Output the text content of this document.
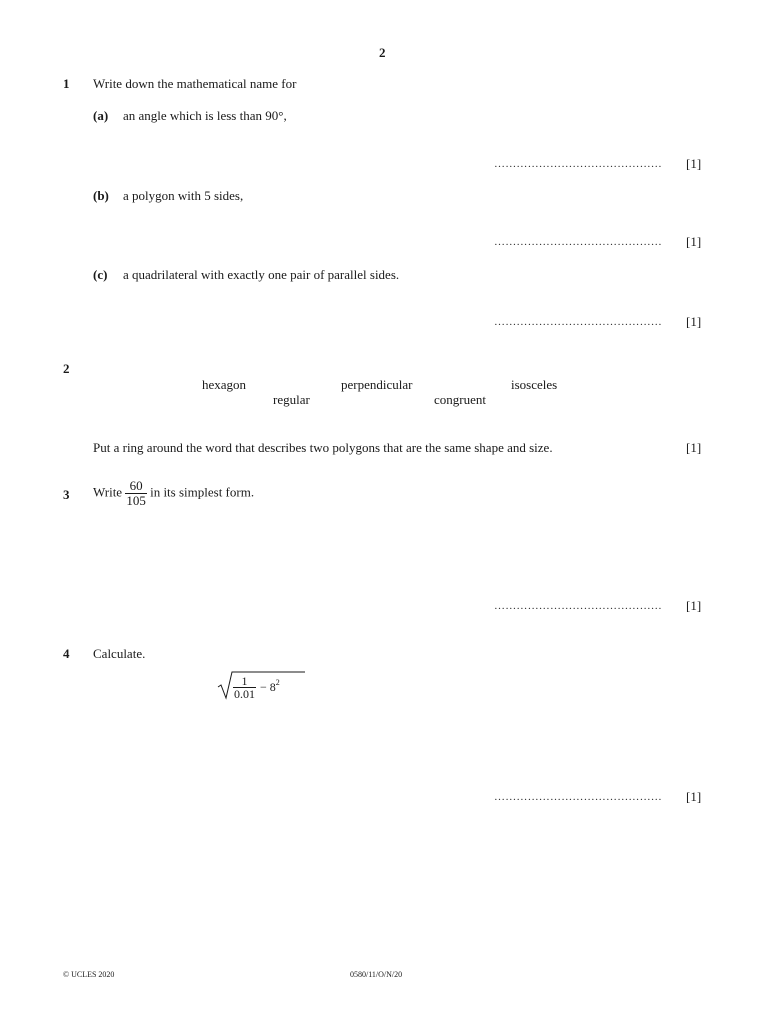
2
1 Write down the mathematical name for
(a) an angle which is less than 90°,
……………………………………… [1]
(b) a polygon with 5 sides,
……………………………………… [1]
(c) a quadrilateral with exactly one pair of parallel sides.
……………………………………… [1]
2
hexagon
regular
perpendicular
congruent
isosceles
Put a ring around the word that describes two polygons that are the same shape and size.	[1]
3 Write $\frac{60}{105}$ in its simplest form.
……………………………………… [1]
4 Calculate.
$\frac{1}{0.01} - 8^2$
……………………………………… [1]
© UCLES 2020	0580/11/O/N/20
